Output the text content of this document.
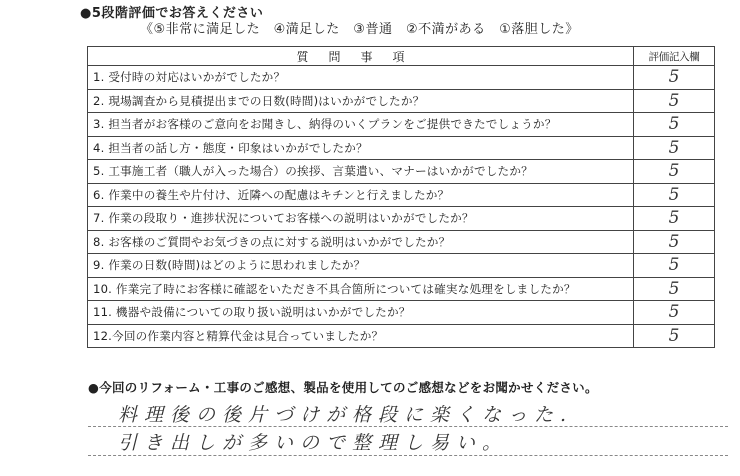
●5段階評価でお答えください
《⑤非常に満足した　④満足した　③普通　②不満がある　①落胆した》
質問事項	評価記入欄
1. 受付時の対応はいかがでしたか？	5
2. 現場調査から見積提出までの日数(時間)はいかがでしたか？	5
3. 担当者がお客様のご意向をお聞きし、納得のいくプランをご提供できたでしょうか？	5
4. 担当者の話し方・態度・印象はいかがでしたか？	5
5. 工事施工者（職人が入った場合）の挨拶、言葉遣い、マナーはいかがでしたか？	5
6. 作業中の養生や片付け、近隣への配慮はキチンと行えましたか？	5
7. 作業の段取り・進捗状況についてお客様への説明はいかがでしたか？	5
8. お客様のご質問やお気づきの点に対する説明はいかがでしたか？	5
9. 作業の日数(時間)はどのように思われましたか？	5
10. 作業完了時にお客様に確認をいただき不具合箇所については確実な処理をしましたか？	5
11. 機器や設備についての取り扱い説明はいかがでしたか？	5
12.今回の作業内容と精算代金は見合っていましたか？	5
●今回のリフォーム・工事のご感想、製品を使用してのご感想などをお聞かせください。
料理後の後片づけが格段に楽くなった.
引き出しが多いので整理し易い。
